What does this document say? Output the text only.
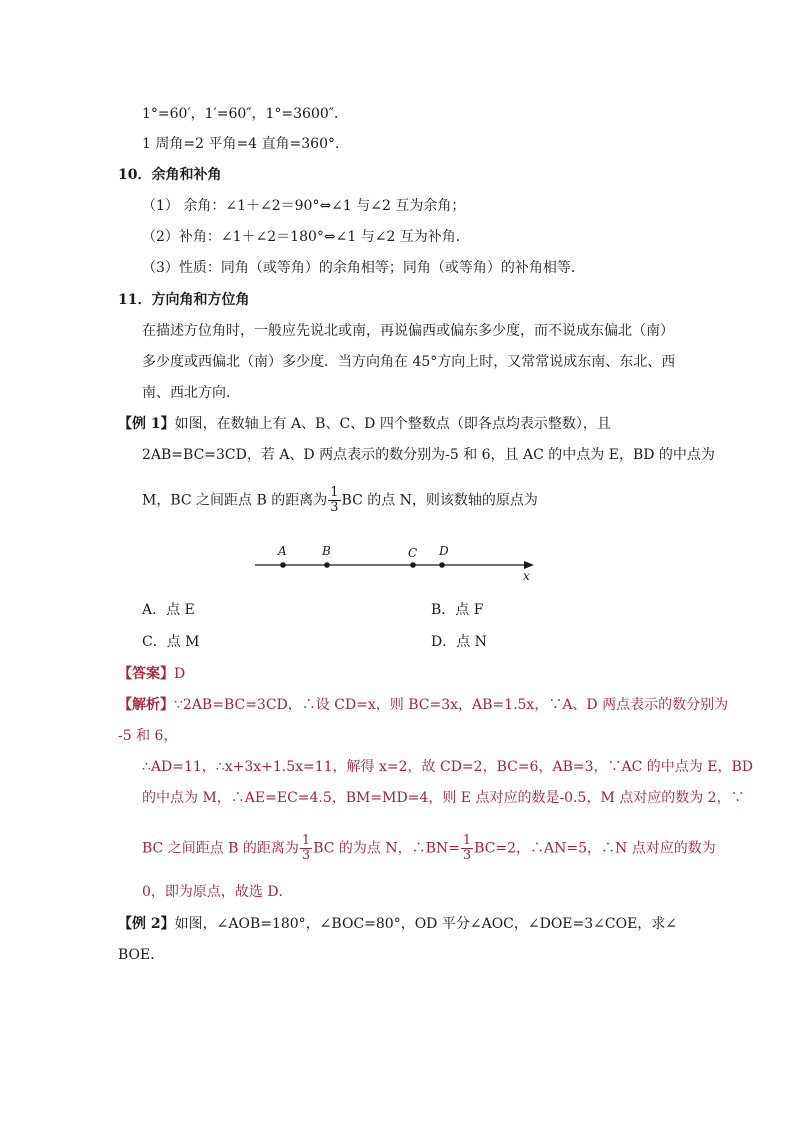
1°=60′，1′=60″，1°=3600″．
1 周角=2 平角=4 直角=360°．
10．余角和补角
（1） 余角：∠1＋∠2＝90°⇔∠1 与∠2 互为余角；
（2）补角：∠1＋∠2＝180°⇔∠1 与∠2 互为补角．
（3）性质：同角（或等角）的余角相等；同角（或等角）的补角相等．
11．方向角和方位角
在描述方位角时，一般应先说北或南，再说偏西或偏东多少度，而不说成东偏北（南）
多少度或西偏北（南）多少度．当方向角在 45°方向上时，又常常说成东南、东北、西
南、西北方向．
【例 1】如图，在数轴上有 A、B、C、D 四个整数点（即各点均表示整数），且
2AB=BC=3CD，若 A、D 两点表示的数分别为-5 和 6，且 AC 的中点为 E，BD 的中点为
M，BC 之间距点 B 的距离为 $\frac{1}{3}$ BC 的点 N，则该数轴的原点为
A	B	C D
x
A．点 E	B．点 F
C．点 M	D．点 N
【答案】D
【解析】∵2AB=BC=3CD，∴设 CD=x，则 BC=3x，AB=1.5x，∵A、D 两点表示的数分别为
-5 和 6，
∴AD=11，∴x+3x+1.5x=11，解得 x=2，故 CD=2，BC=6，AB=3，∵AC 的中点为 E，BD
的中点为 M，∴AE=EC=4.5，BM=MD=4，则 E 点对应的数是-0.5，M 点对应的数为 2，∵
BC 之间距点 B 的距离为 $\frac{1}{3}$ BC 的为点 N，∴BN= $\frac{1}{3} BC=2$，∴AN=5，∴N 点对应的数为
0，即为原点，故选 D．
【例 2】如图，∠AOB=180°，∠BOC=80°，OD 平分∠AOC，∠DOE=3∠COE，求∠
BOE．
